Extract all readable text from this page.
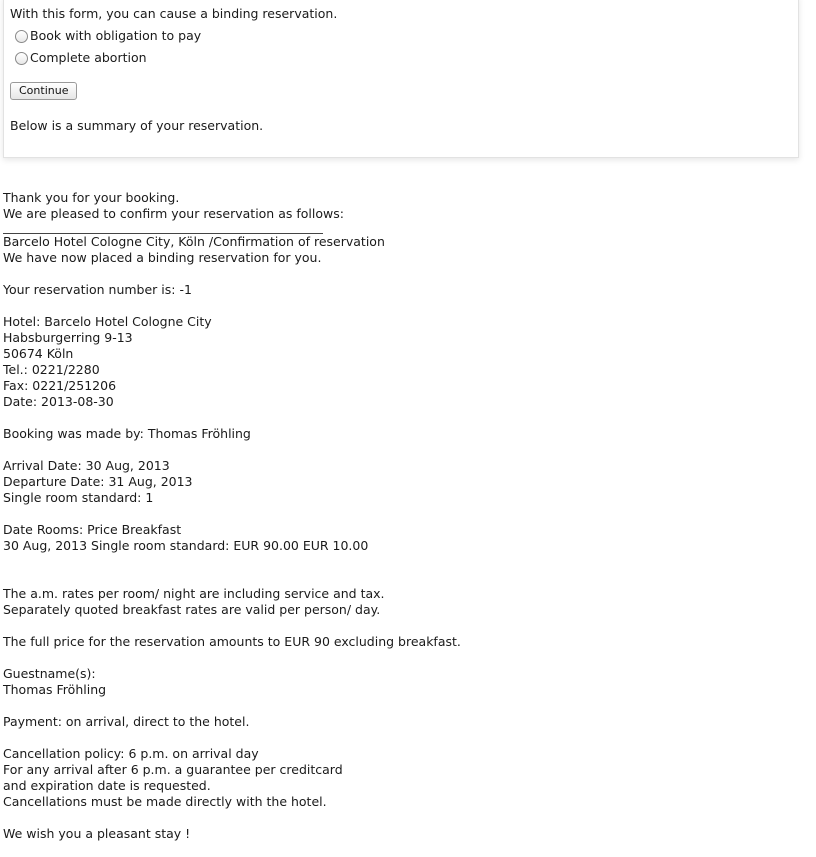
With this form, you can cause a binding reservation.
Book with obligation to pay
Complete abortion
Continue
Below is a summary of your reservation.
Thank you for your booking.
We are pleased to confirm your reservation as follows:
Barcelo Hotel Cologne City, Köln /Confirmation of reservation
We have now placed a binding reservation for you.
Your reservation number is: -1
Hotel: Barcelo Hotel Cologne City
Habsburgerring 9-13
50674 Köln
Tel.: 0221/2280
Fax: 0221/251206
Date: 2013-08-30
Booking was made by: Thomas Fröhling
Arrival Date: 30 Aug, 2013
Departure Date: 31 Aug, 2013
Single room standard: 1
Date Rooms: Price Breakfast
30 Aug, 2013 Single room standard: EUR 90.00 EUR 10.00
The a.m. rates per room/ night are including service and tax.
Separately quoted breakfast rates are valid per person/ day.
The full price for the reservation amounts to EUR 90 excluding breakfast.
Guestname(s):
Thomas Fröhling
Payment: on arrival, direct to the hotel.
Cancellation policy: 6 p.m. on arrival day
For any arrival after 6 p.m. a guarantee per creditcard
and expiration date is requested.
Cancellations must be made directly with the hotel.
We wish you a pleasant stay !
